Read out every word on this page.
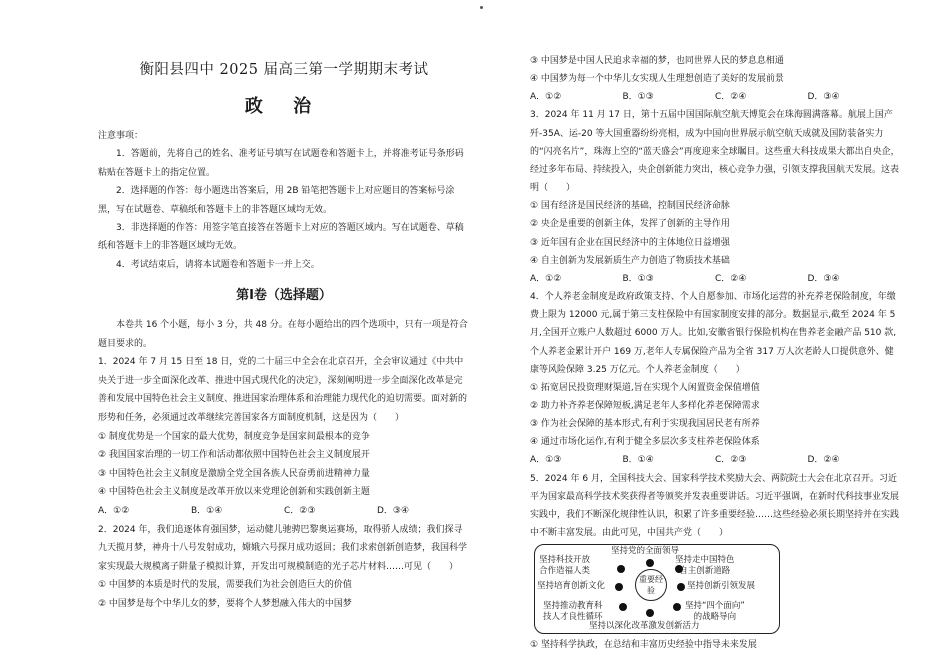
衡阳县四中 2025 届高三第一学期期末考试
政 治

注意事项：

1．答题前，先将自己的姓名、准考证号填写在试题卷和答题卡上，并将准考证号条形码粘贴在答题卡上的指定位置。

2．选择题的作答：每小题选出答案后，用 2B 铅笔把答题卡上对应题目的答案标号涂黑，写在试题卷、草稿纸和答题卡上的非答题区域均无效。

3．非选择题的作答：用签字笔直接答在答题卡上对应的答题区域内。写在试题卷、草稿纸和答题卡上的非答题区域均无效。

4．考试结束后，请将本试题卷和答题卡一并上交。

第Ⅰ卷（选择题）

本卷共 16 个小题，每小 3 分，共 48 分。在每小题给出的四个选项中，只有一项是符合题目要求的。

1．2024 年 7 月 15 日至 18 日，党的二十届三中全会在北京召开，全会审议通过《中共中央关于进一步全面深化改革、推进中国式现代化的决定》，深刻阐明进一步全面深化改革是完善和发展中国特色社会主义制度、推进国家治理体系和治理能力现代化的迫切需要。面对新的形势和任务，必须通过改革继续完善国家各方面制度机制，这是因为（　　）

① 制度优势是一个国家的最大优势，制度竞争是国家间最根本的竞争

② 我国国家治理的一切工作和活动都依照中国特色社会主义制度展开

③ 中国特色社会主义制度是激励全党全国各族人民奋勇前进精神力量

④ 中国特色社会主义制度是改革开放以来党理论创新和实践创新主题

A．①②	B．①④	C．②③	D．③④

2．2024 年，我们追逐体育强国梦，运动健儿驰骋巴黎奥运赛场，取得骄人成绩；我们探寻九天揽月梦，神舟十八号发射成功，嫦娥六号探月成功返回；我们求索创新创造梦，我国科学家实现最大规模离子阱量子模拟计算，开发出可规模制造的光子芯片材料……可见（　　）

① 中国梦的本质是时代的发展，需要我们为社会创造巨大的价值

② 中国梦是每个中华儿女的梦，要将个人梦想融入伟大的中国梦

③ 中国梦是中国人民追求幸福的梦，也同世界人民的梦息息相通

④ 中国梦为每一个中华儿女实现人生理想创造了美好的发展前景

A．①②	B．①③	C．②④	D．③④

3．2024 年 11 月 17 日，第十五届中国国际航空航天博览会在珠海圆满落幕。航展上国产歼-35A、运-20 等大国重器纷纷亮相，成为中国向世界展示航空航天成就及国防装备实力的“闪亮名片”，珠海上空的“蓝天盛会”再度迎来全球瞩目。这些重大科技成果大都出自央企，经过多年布局、持续投入，央企创新能力突出，核心竞争力强，引领支撑我国航天发展。这表明（　　）

① 国有经济是国民经济的基础，控制国民经济命脉

② 央企是重要的创新主体，发挥了创新的主导作用

③ 近年国有企业在国民经济中的主体地位日益增强

④ 自主创新为发展新质生产力创造了物质技术基础

A．①②	B．①③	C．②④	D．③④

4．个人养老金制度是政府政策支持、个人自愿参加、市场化运营的补充养老保险制度，年缴费上限为 12000 元,属于第三支柱保险中有国家制度安排的部分。数据显示,截至 2024 年 5 月,全国开立账户人数超过 6000 万人。比如,安徽省银行保险机构在售养老金融产品 510 款,个人养老金累计开户 169 万,老年人专属保险产品为全省 317 万人次老龄人口提供意外、健康等风险保障 3.25 万亿元。个人养老金制度（　　）

① 拓宽居民投资理财渠道,旨在实现个人闲置资金保值增值

② 助力补齐养老保障短板,满足老年人多样化养老保障需求

③ 作为社会保障的基本形式,有利于实现我国居民老有所养

④ 通过市场化运作,有利于健全多层次多支柱养老保险体系

A．①③	B．①④	C．②③	D．②④

5．2024 年 6 月，全国科技大会、国家科学技术奖励大会、两院院士大会在北京召开。习近平为国家最高科学技术奖获得者等颁奖并发表重要讲话。习近平强调，在新时代科技事业发展实践中，我们不断深化规律性认识，积累了许多重要经验……这些经验必须长期坚持并在实践中不断丰富发展。由此可见，中国共产党（　　）

坚持党的全面领导
坚持科技开放
合作造福人类
坚持培育创新文化
坚持推动教育科
技人才良性循环
重要经验
坚持走中国特色
自主创新道路
坚持创新引领发展
坚持“四个面向”
的战略导向
坚持以深化改革激发创新活力

① 坚持科学执政，在总结和丰富历史经验中指导未来发展
